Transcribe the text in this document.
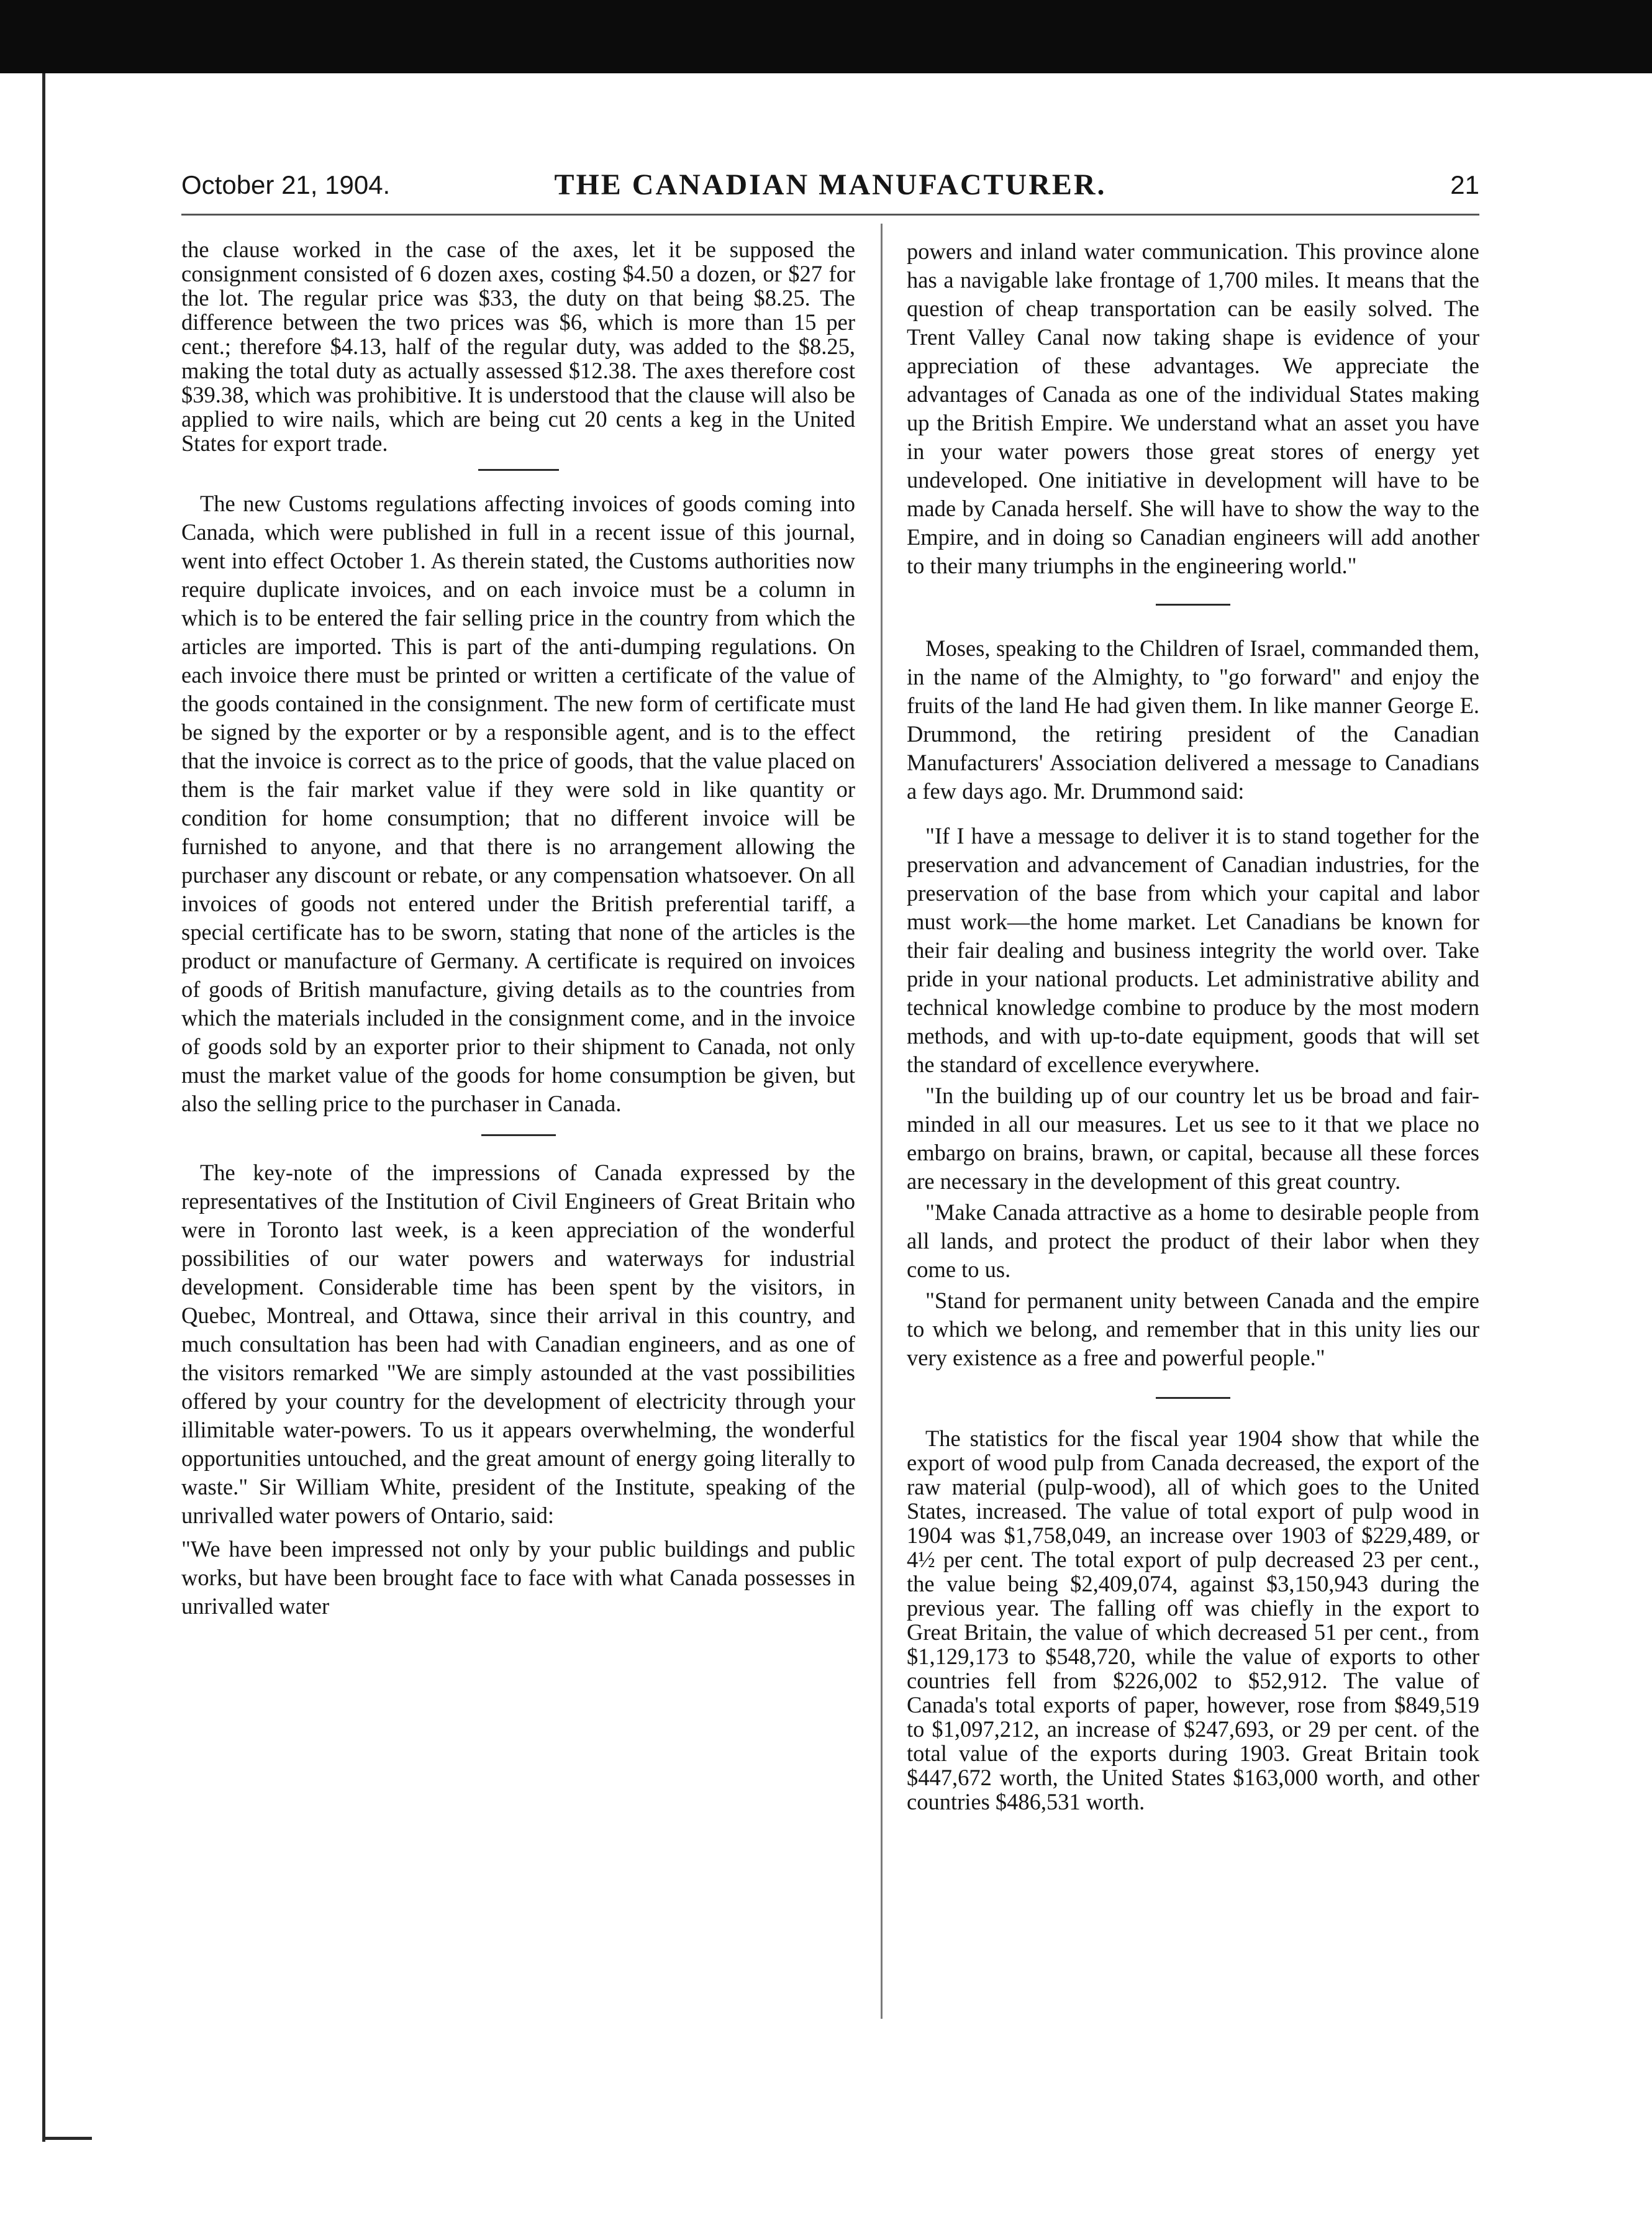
October 21, 1904.	THE CANADIAN MANUFACTURER.	21

the clause worked in the case of the axes, let it be supposed the consignment consisted of 6 dozen axes, costing $4.50 a dozen, or $27 for the lot. The regular price was $33, the duty on that being $8.25. The difference between the two prices was $6, which is more than 15 per cent.; therefore $4.13, half of the regular duty, was added to the $8.25, making the total duty as actually assessed $12.38. The axes therefore cost $39.38, which was prohibitive. It is understood that the clause will also be applied to wire nails, which are being cut 20 cents a keg in the United States for export trade.

The new Customs regulations affecting invoices of goods coming into Canada, which were published in full in a recent issue of this journal, went into effect October 1. As therein stated, the Customs authorities now require duplicate invoices, and on each invoice must be a column in which is to be entered the fair selling price in the country from which the articles are imported. This is part of the anti-dumping regulations. On each invoice there must be printed or written a certificate of the value of the goods contained in the consignment. The new form of certificate must be signed by the exporter or by a responsible agent, and is to the effect that the invoice is correct as to the price of goods, that the value placed on them is the fair market value if they were sold in like quantity or condition for home consumption; that no different invoice will be furnished to anyone, and that there is no arrangement allowing the purchaser any discount or rebate, or any compensation whatsoever. On all invoices of goods not entered under the British preferential tariff, a special certificate has to be sworn, stating that none of the articles is the product or manufacture of Germany. A certificate is required on invoices of goods of British manufacture, giving details as to the countries from which the materials included in the consignment come, and in the invoice of goods sold by an exporter prior to their shipment to Canada, not only must the market value of the goods for home consumption be given, but also the selling price to the purchaser in Canada.

The key-note of the impressions of Canada expressed by the representatives of the Institution of Civil Engineers of Great Britain who were in Toronto last week, is a keen appreciation of the wonderful possibilities of our water powers and waterways for industrial development. Considerable time has been spent by the visitors, in Quebec, Montreal, and Ottawa, since their arrival in this country, and much consultation has been had with Canadian engineers, and as one of the visitors remarked "We are simply astounded at the vast possibilities offered by your country for the development of electricity through your illimitable water-powers. To us it appears overwhelming, the wonderful opportunities untouched, and the great amount of energy going literally to waste." Sir William White, president of the Institute, speaking of the unrivalled water powers of Ontario, said:

"We have been impressed not only by your public buildings and public works, but have been brought face to face with what Canada possesses in unrivalled water

powers and inland water communication. This province alone has a navigable lake frontage of 1,700 miles. It means that the question of cheap transportation can be easily solved. The Trent Valley Canal now taking shape is evidence of your appreciation of these advantages. We appreciate the advantages of Canada as one of the individual States making up the British Empire. We understand what an asset you have in your water powers those great stores of energy yet undeveloped. One initiative in development will have to be made by Canada herself. She will have to show the way to the Empire, and in doing so Canadian engineers will add another to their many triumphs in the engineering world."

Moses, speaking to the Children of Israel, commanded them, in the name of the Almighty, to "go forward" and enjoy the fruits of the land He had given them. In like manner George E. Drummond, the retiring president of the Canadian Manufacturers' Association delivered a message to Canadians a few days ago. Mr. Drummond said:

"If I have a message to deliver it is to stand together for the preservation and advancement of Canadian industries, for the preservation of the base from which your capital and labor must work—the home market. Let Canadians be known for their fair dealing and business integrity the world over. Take pride in your national products. Let administrative ability and technical knowledge combine to produce by the most modern methods, and with up-to-date equipment, goods that will set the standard of excellence everywhere.

"In the building up of our country let us be broad and fair-minded in all our measures. Let us see to it that we place no embargo on brains, brawn, or capital, because all these forces are necessary in the development of this great country.

"Make Canada attractive as a home to desirable people from all lands, and protect the product of their labor when they come to us.

"Stand for permanent unity between Canada and the empire to which we belong, and remember that in this unity lies our very existence as a free and powerful people."

The statistics for the fiscal year 1904 show that while the export of wood pulp from Canada decreased, the export of the raw material (pulp-wood), all of which goes to the United States, increased. The value of total export of pulp wood in 1904 was $1,758,049, an increase over 1903 of $229,489, or 4½ per cent. The total export of pulp decreased 23 per cent., the value being $2,409,074, against $3,150,943 during the previous year. The falling off was chiefly in the export to Great Britain, the value of which decreased 51 per cent., from $1,129,173 to $548,720, while the value of exports to other countries fell from $226,002 to $52,912. The value of Canada's total exports of paper, however, rose from $849,519 to $1,097,212, an increase of $247,693, or 29 per cent. of the total value of the exports during 1903. Great Britain took $447,672 worth, the United States $163,000 worth, and other countries $486,531 worth.
